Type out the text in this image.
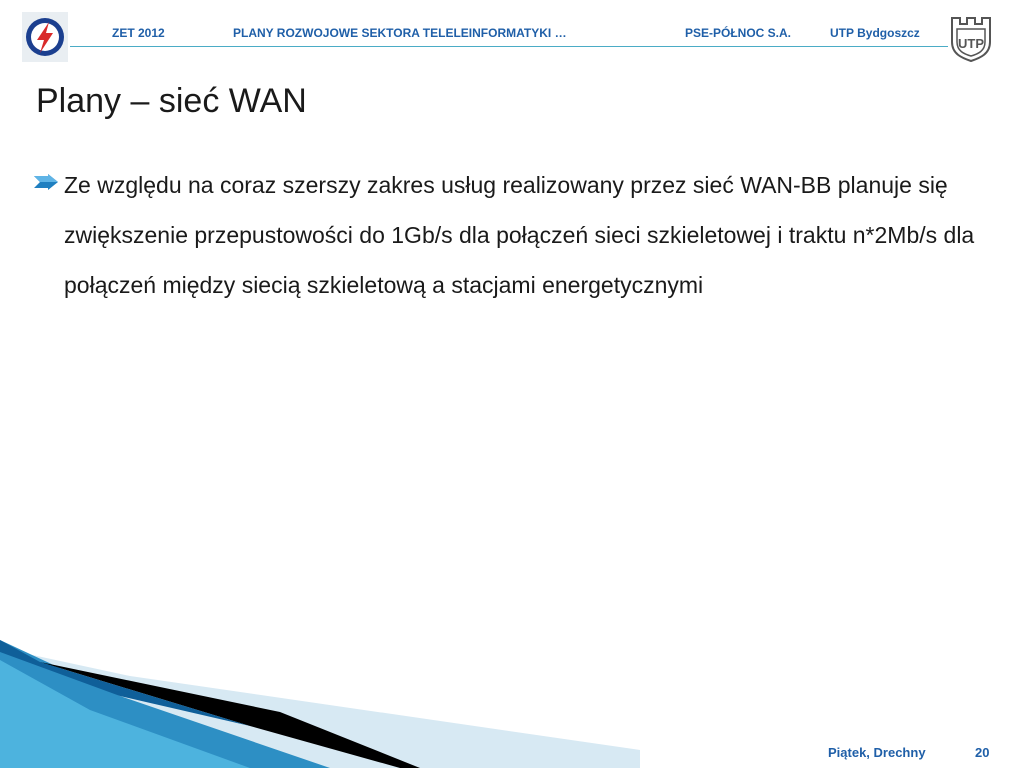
ZET 2012	PLANY ROZWOJOWE SEKTORA TELELEINFORMATYKI …	PSE-PÓŁNOC S.A.	UTP Bydgoszcz
UTP
Plany – sieć WAN
Ze względu na coraz szerszy zakres usług realizowany przez sieć WAN-BB planuje się zwiększenie przepustowości do 1Gb/s dla połączeń sieci szkieletowej i traktu n*2Mb/s dla połączeń między siecią szkieletową a stacjami energetycznymi
Piątek, Drechny	20
